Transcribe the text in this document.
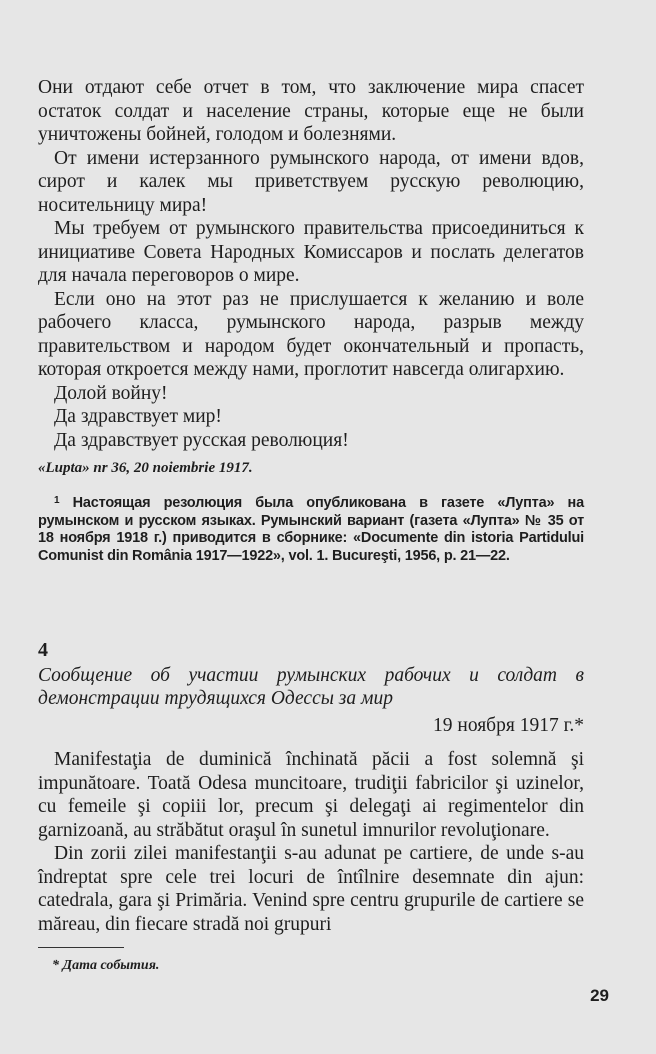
Они отдают себе отчет в том, что заключение мира спасет остаток солдат и население страны, которые еще не были уничтожены бойней, голодом и болезнями.

От имени истерзанного румынского народа, от имени вдов, сирот и калек мы приветствуем русскую революцию, носительницу мира!

Мы требуем от румынского правительства присоединиться к инициативе Совета Народных Комиссаров и послать делегатов для начала переговоров о мире.

Если оно на этот раз не прислушается к желанию и воле рабочего класса, румынского народа, разрыв между правительством и народом будет окончательный и пропасть, которая откроется между нами, проглотит навсегда олигархию.

Долой войну!

Да здравствует мир!

Да здравствует русская революция!

«Lupta» nr 36, 20 noiembrie 1917.

$^1$ Настоящая резолюция была опубликована в газете «Лупта» на румынском и русском языках. Румынский вариант (газета «Лупта» № 35 от 18 ноября 1918 г.) приводится в сборнике: «Documente din istoria Partidului Comunist din România 1917—1922», vol. 1. Bucureşti, 1956, p. 21—22.

4

Сообщение об участии румынских рабочих и солдат в демонстрации трудящихся Одессы за мир

19 ноября 1917 г.*

Manifestaţia de duminică închinată păcii a fost solemnă şi impunătoare. Toată Odesa muncitoare, trudiţii fabricilor şi uzinelor, cu femeile şi copiii lor, precum şi delegaţi ai regimentelor din garnizoană, au străbătut oraşul în sunetul imnurilor revoluţionare.

Din zorii zilei manifestanţii s-au adunat pe cartiere, de unde s-au îndreptat spre cele trei locuri de întîlnire desemnate din ajun: catedrala, gara şi Primăria. Venind spre centru grupurile de cartiere se măreau, din fiecare stradă noi grupuri

* Дата события.
29
